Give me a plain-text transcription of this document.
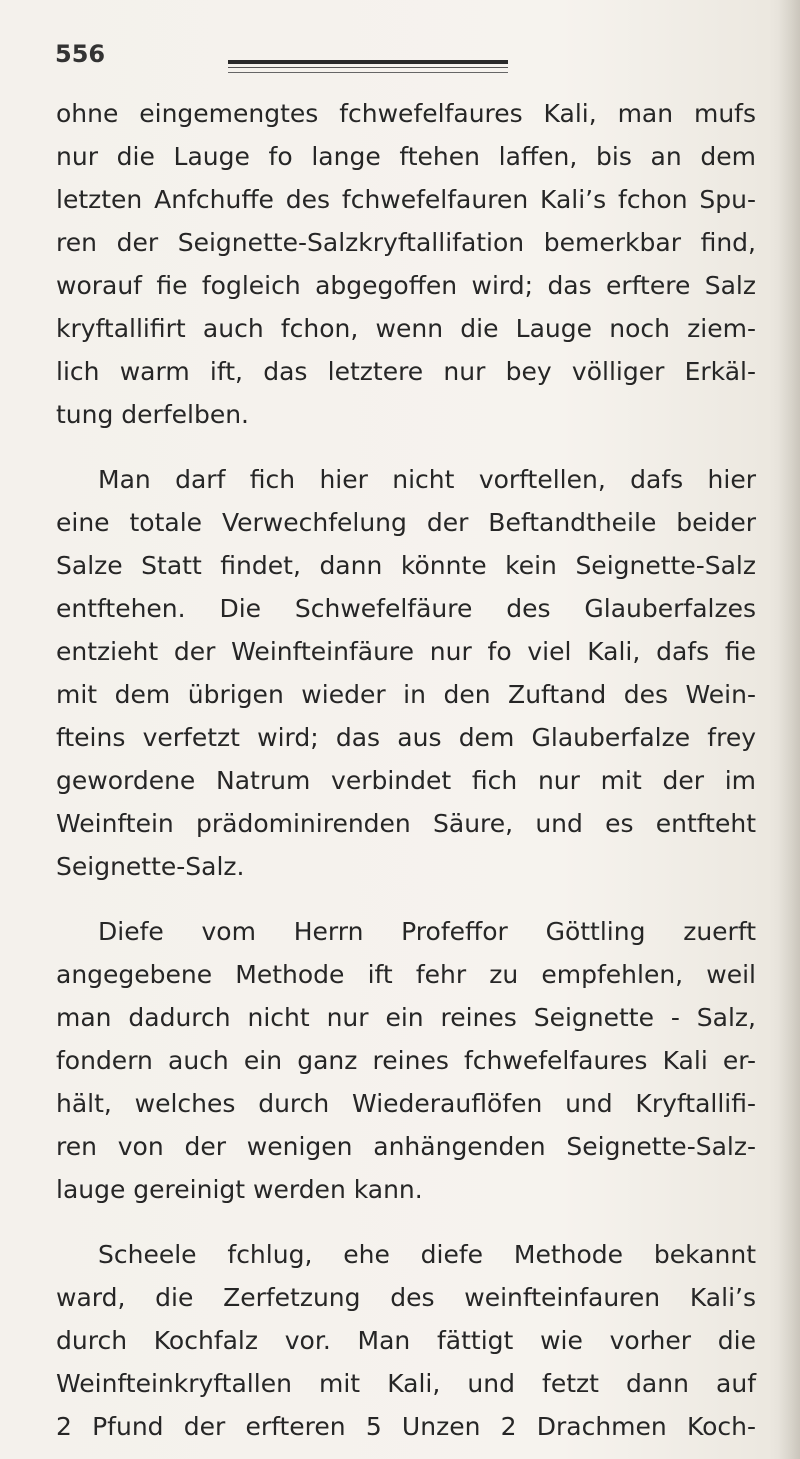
556
ohne eingemengtes fchwefelfaures Kali, man mufs
nur die Lauge fo lange ftehen laffen, bis an dem
letzten Anfchuffe des fchwefelfauren Kali’s fchon Spu-
ren der Seignette-Salzkryftallifation bemerkbar find,
worauf fie fogleich abgegoffen wird; das erftere Salz
kryftallifirt auch fchon, wenn die Lauge noch ziem-
lich warm ift, das letztere nur bey völliger Erkäl-
tung derfelben.
Man darf fich hier nicht vorftellen, dafs hier
eine totale Verwechfelung der Beftandtheile beider
Salze Statt findet, dann könnte kein Seignette-Salz
entftehen. Die Schwefelfäure des Glauberfalzes
entzieht der Weinfteinfäure nur fo viel Kali, dafs fie
mit dem übrigen wieder in den Zuftand des Wein-
fteins verfetzt wird; das aus dem Glauberfalze frey
gewordene Natrum verbindet fich nur mit der im
Weinftein prädominirenden Säure, und es entfteht
Seignette-Salz.
Diefe vom Herrn Profeffor Göttling zuerft
angegebene Methode ift fehr zu empfehlen, weil
man dadurch nicht nur ein reines Seignette - Salz,
fondern auch ein ganz reines fchwefelfaures Kali er-
hält, welches durch Wiederauflöfen und Kryftallifi-
ren von der wenigen anhängenden Seignette-Salz-
lauge gereinigt werden kann.
Scheele fchlug, ehe diefe Methode bekannt
ward, die Zerfetzung des weinfteinfauren Kali’s
durch Kochfalz vor. Man fättigt wie vorher die
Weinfteinkryftallen mit Kali, und fetzt dann auf
2 Pfund der erfteren 5 Unzen 2 Drachmen Koch-
